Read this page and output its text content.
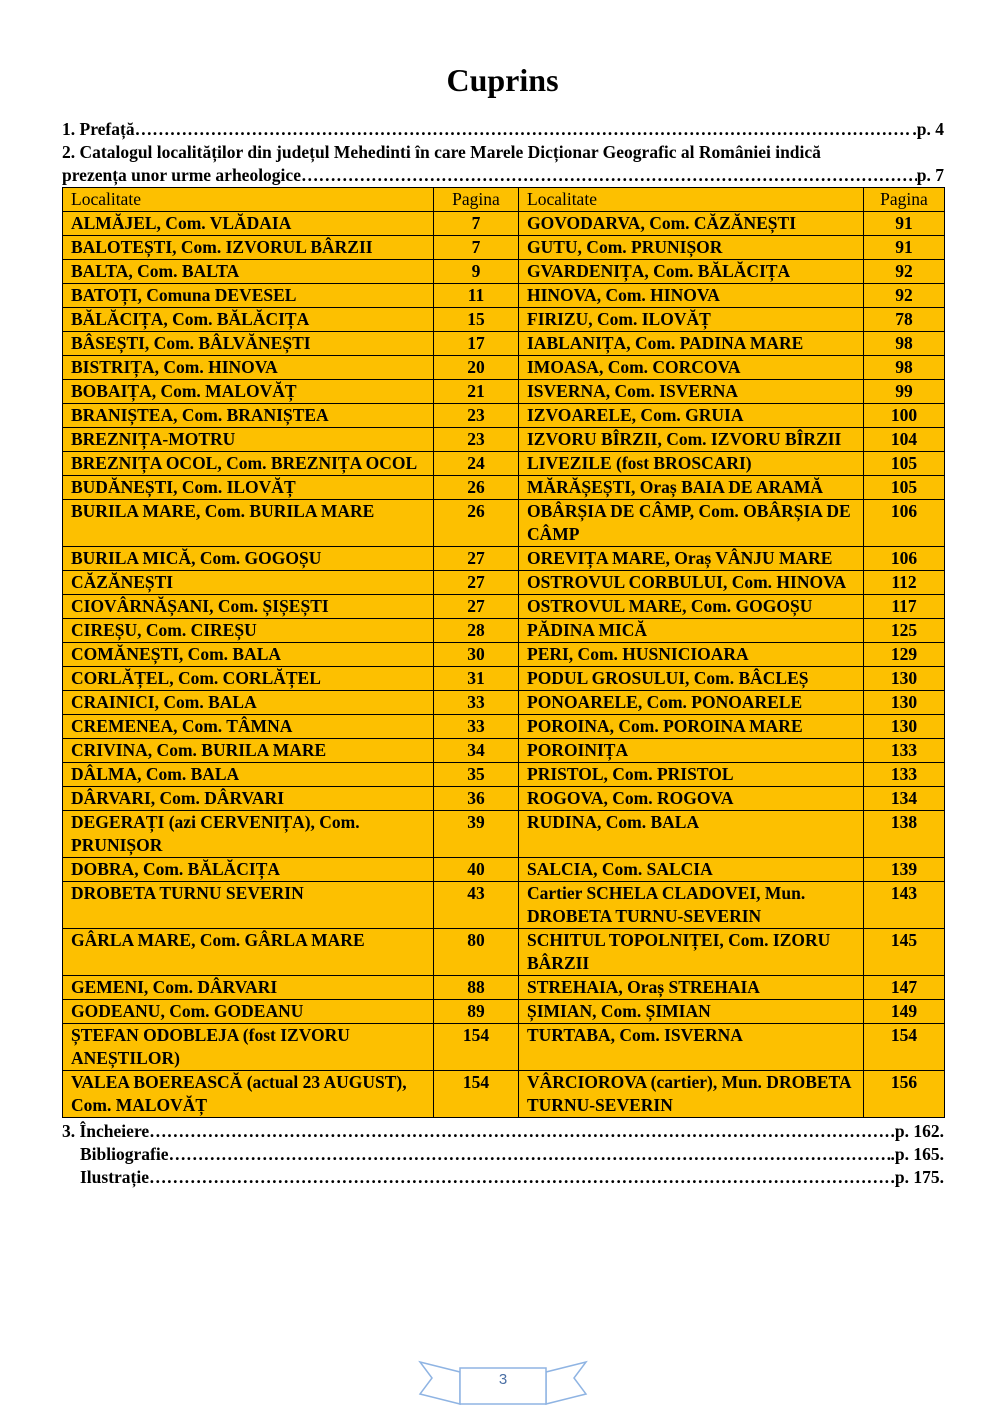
Cuprins
1. Prefață ………………………………………………………………………………………………………………………………………………………………………………	.p. 4
2. Catalogul localităților din județul Mehedinti în care Marele Dicționar Geografic al României indică
prezența unor urme arheologice ………………………………………………………………………………………………………………………………………………………………………………	p. 7
Localitate	Pagina	Localitate	Pagina
ALMĂJEL, Com. VLĂDAIA	7	GOVODARVA, Com. CĂZĂNEȘTI	91
BALOTEȘTI, Com. IZVORUL BÂRZII	7	GUTU, Com. PRUNIȘOR	91
BALTA, Com. BALTA	9	GVARDENIȚA, Com. BĂLĂCIȚA	92
BATOȚI, Comuna DEVESEL	11	HINOVA, Com. HINOVA	92
BĂLĂCIȚA, Com. BĂLĂCIȚA	15	FIRIZU, Com. ILOVĂȚ	78
BÂSEȘTI, Com. BÂLVĂNEȘTI	17	IABLANIȚA, Com. PADINA MARE	98
BISTRIȚA, Com. HINOVA	20	IMOASA, Com. CORCOVA	98
BOBAIȚA, Com. MALOVĂȚ	21	ISVERNA, Com. ISVERNA	99
BRANIȘTEA, Com. BRANIȘTEA	23	IZVOARELE, Com. GRUIA	100
BREZNIȚA-MOTRU	23	IZVORU BÎRZII, Com. IZVORU BÎRZII	104
BREZNIȚA OCOL, Com. BREZNIȚA OCOL	24	LIVEZILE (fost BROSCARI)	105
BUDĂNEȘTI, Com. ILOVĂȚ	26	MĂRĂȘEȘTI, Oraș BAIA DE ARAMĂ	105
BURILA MARE, Com. BURILA MARE	26	OBÂRȘIA DE CÂMP, Com. OBÂRȘIA DE CÂMP	106
BURILA MICĂ, Com. GOGOȘU	27	OREVIȚA MARE, Oraș VÂNJU MARE	106
CĂZĂNEȘTI	27	OSTROVUL CORBULUI, Com. HINOVA	112
CIOVÂRNĂȘANI, Com. ȘIȘEȘTI	27	OSTROVUL MARE, Com. GOGOȘU	117
CIREȘU, Com. CIREȘU	28	PĂDINA MICĂ	125
COMĂNEȘTI, Com. BALA	30	PERI, Com. HUSNICIOARA	129
CORLĂȚEL, Com. CORLĂȚEL	31	PODUL GROSULUI, Com. BÂCLEȘ	130
CRAINICI, Com. BALA	33	PONOARELE, Com. PONOARELE	130
CREMENEA, Com. TÂMNA	33	POROINA, Com. POROINA MARE	130
CRIVINA, Com. BURILA MARE	34	POROINIȚA	133
DÂLMA, Com. BALA	35	PRISTOL, Com. PRISTOL	133
DÂRVARI, Com. DÂRVARI	36	ROGOVA, Com. ROGOVA	134
DEGERAȚI (azi CERVENIȚA), Com. PRUNIȘOR	39	RUDINA, Com. BALA	138
DOBRA, Com. BĂLĂCIȚA	40	SALCIA, Com. SALCIA	139
DROBETA TURNU SEVERIN	43	Cartier SCHELA CLADOVEI, Mun. DROBETA TURNU-SEVERIN	143
GÂRLA MARE, Com. GÂRLA MARE	80	SCHITUL TOPOLNIȚEI, Com. IZORU BÂRZII	145
GEMENI, Com. DÂRVARI	88	STREHAIA, Oraș STREHAIA	147
GODEANU, Com. GODEANU	89	ȘIMIAN, Com. ȘIMIAN	149
ȘTEFAN ODOBLEJA (fost IZVORU ANEȘTILOR)	154	TURTABA, Com. ISVERNA	154
VALEA BOEREASCĂ (actual 23 AUGUST), Com. MALOVĂȚ	154	VÂRCIOROVA (cartier), Mun. DROBETA TURNU-SEVERIN	156
3. Încheiere ………………………………………………………………………………………………………………………………………………………………………………	.p. 162.
Bibliografie ………………………………………………………………………………………………………………………………………………………………………………	.p. 165.
Ilustrație ………………………………………………………………………………………………………………………………………………………………………………	.p. 175.
3
